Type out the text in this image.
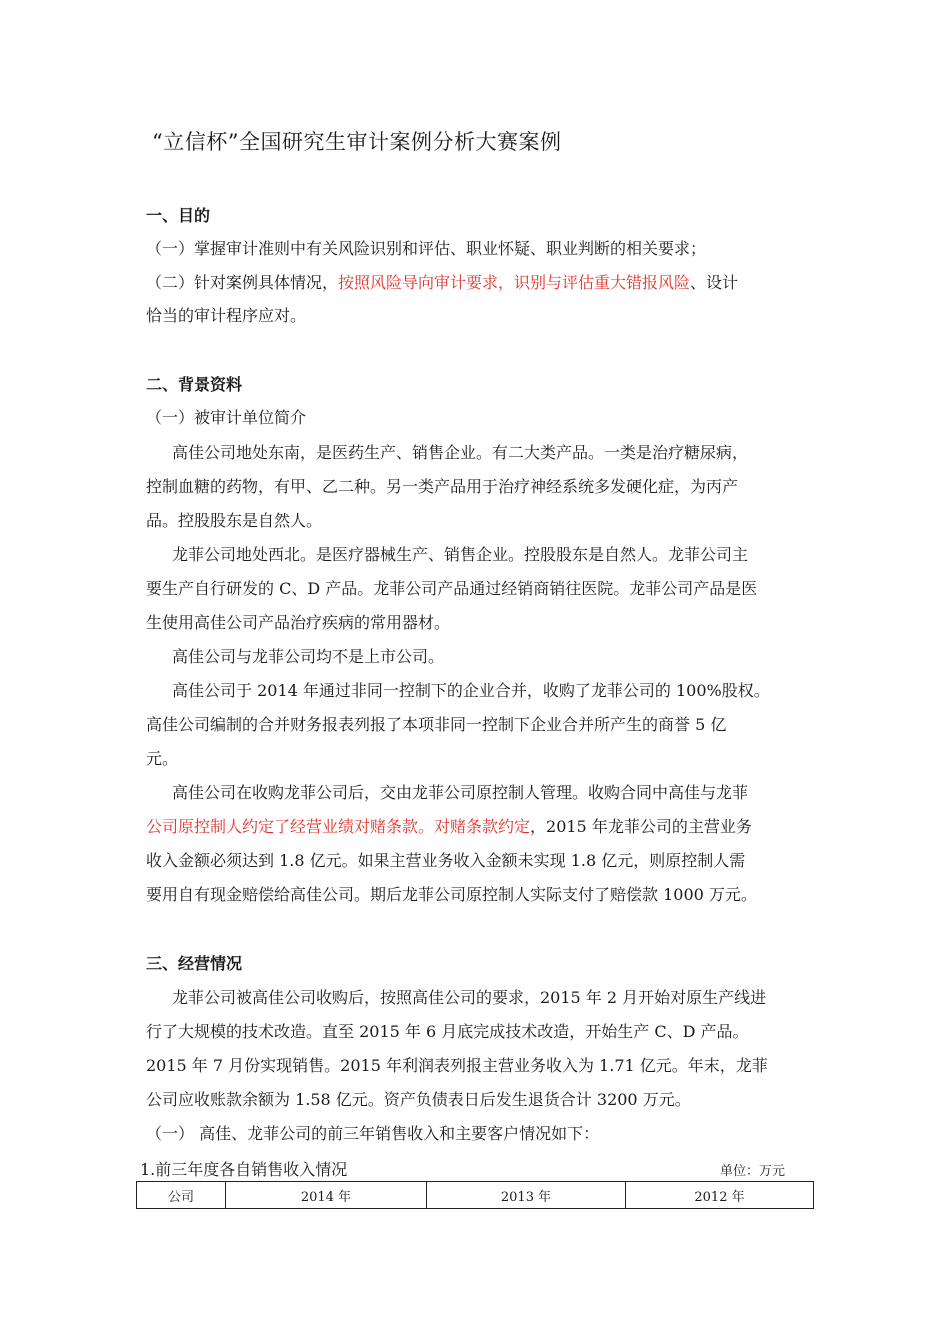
“立信杯”全国研究生审计案例分析大赛案例
一、目的
（一）掌握审计准则中有关风险识别和评估、职业怀疑、职业判断的相关要求；
（二）针对案例具体情况，按照风险导向审计要求，识别与评估重大错报风险、设计
恰当的审计程序应对。
二、背景资料
（一）被审计单位简介
高佳公司地处东南，是医药生产、销售企业。有二大类产品。一类是治疗糖尿病，
控制血糖的药物，有甲、乙二种。另一类产品用于治疗神经系统多发硬化症，为丙产
品。控股股东是自然人。
龙菲公司地处西北。是医疗器械生产、销售企业。控股股东是自然人。龙菲公司主
要生产自行研发的 C、D 产品。龙菲公司产品通过经销商销往医院。龙菲公司产品是医
生使用高佳公司产品治疗疾病的常用器材。
高佳公司与龙菲公司均不是上市公司。
高佳公司于 2014 年通过非同一控制下的企业合并，收购了龙菲公司的 100%股权。
高佳公司编制的合并财务报表列报了本项非同一控制下企业合并所产生的商誉 5 亿
元。
高佳公司在收购龙菲公司后，交由龙菲公司原控制人管理。收购合同中高佳与龙菲
公司原控制人约定了经营业绩对赌条款。对赌条款约定，2015 年龙菲公司的主营业务
收入金额必须达到 1.8 亿元。如果主营业务收入金额未实现 1.8 亿元，则原控制人需
要用自有现金赔偿给高佳公司。期后龙菲公司原控制人实际支付了赔偿款 1000 万元。
三、经营情况
龙菲公司被高佳公司收购后，按照高佳公司的要求，2015 年 2 月开始对原生产线进
行了大规模的技术改造。直至 2015 年 6 月底完成技术改造，开始生产 C、D 产品。
2015 年 7 月份实现销售。2015 年利润表列报主营业务收入为 1.71 亿元。年末，龙菲
公司应收账款余额为 1.58 亿元。资产负债表日后发生退货合计 3200 万元。
（一） 高佳、龙菲公司的前三年销售收入和主要客户情况如下：
1.前三年度各自销售收入情况	单位：万元
公司	2014 年	2013 年	2012 年
